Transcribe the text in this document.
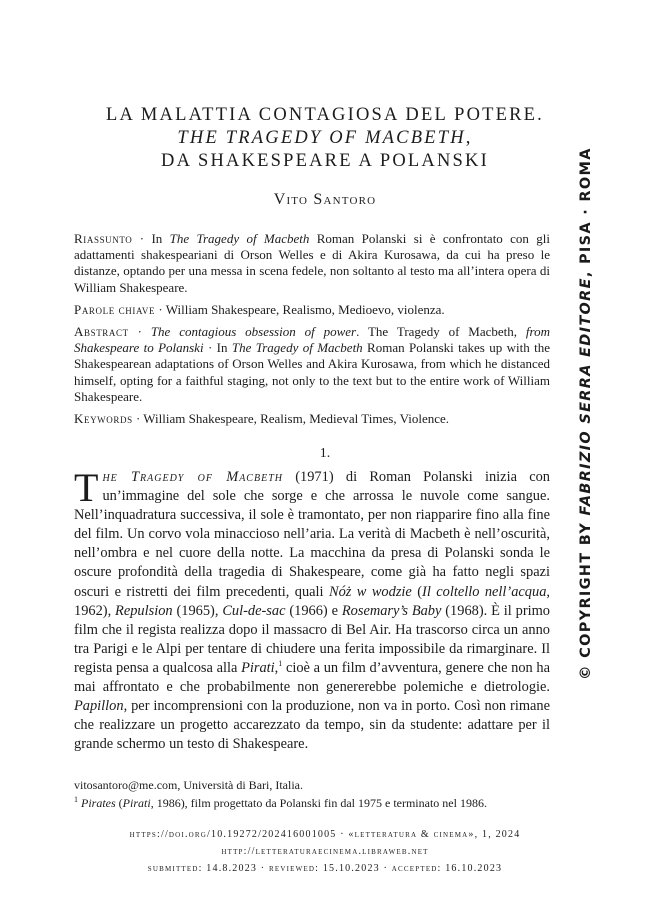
LA MALATTIA CONTAGIOSA DEL POTERE.
THE TRAGEDY OF MACBETH,
DA SHAKESPEARE A POLANSKI
Vito Santoro

Riassunto · In The Tragedy of Macbeth Roman Polanski si è confrontato con gli adattamenti shakespeariani di Orson Welles e di Akira Kurosawa, da cui ha preso le distanze, optando per una messa in scena fedele, non soltanto al testo ma all’intera opera di William Shakespeare.

Parole chiave · William Shakespeare, Realismo, Medioevo, violenza.

Abstract · The contagious obsession of power. The Tragedy of Macbeth, from Shakespeare to Polanski · In The Tragedy of Macbeth Roman Polanski takes up with the Shakespearean adaptations of Orson Welles and Akira Kurosawa, from which he distanced himself, opting for a faithful staging, not only to the text but to the entire work of William Shakespeare.

Keywords · William Shakespeare, Realism, Medieval Times, Violence.

1.

The Tragedy of Macbeth (1971) di Roman Polanski inizia con un’immagine del sole che sorge e che arrossa le nuvole come sangue. Nell’inquadratura successiva, il sole è tramontato, per non riapparire fino alla fine del film. Un corvo vola minaccioso nell’aria. La verità di Macbeth è nell’oscurità, nell’ombra e nel cuore della notte. La macchina da presa di Polanski sonda le oscure profondità della tragedia di Shakespeare, come già ha fatto negli spazi oscuri e ristretti dei film precedenti, quali Nóż w wodzie (Il coltello nell’acqua, 1962), Repulsion (1965), Cul-de-sac (1966) e Rosemary’s Baby (1968). È il primo film che il regista realizza dopo il massacro di Bel Air. Ha trascorso circa un anno tra Parigi e le Alpi per tentare di chiudere una ferita impossibile da rimarginare. Il regista pensa a qualcosa alla Pirati,$^1$ cioè a un film d’avventura, genere che non ha mai affrontato e che probabilmente non genererebbe polemiche e dietrologie. Papillon, per incomprensioni con la produzione, non va in porto. Così non rimane che realizzare un progetto accarezzato da tempo, sin da studente: adattare per il grande schermo un testo di Shakespeare.

vitosantoro@me.com, Università di Bari, Italia.
$^1$ Pirates (Pirati, 1986), film progettato da Polanski fin dal 1975 e terminato nel 1986.
https://doi.org/10.19272/202416001005 · «letteratura & cinema», 1, 2024
http://letteraturaecinema.libraweb.net
submitted: 14.8.2023 · reviewed: 15.10.2023 · accepted: 16.10.2023
© COPYRIGHT BY FABRIZIO SERRA EDITORE, PISA · ROMA
